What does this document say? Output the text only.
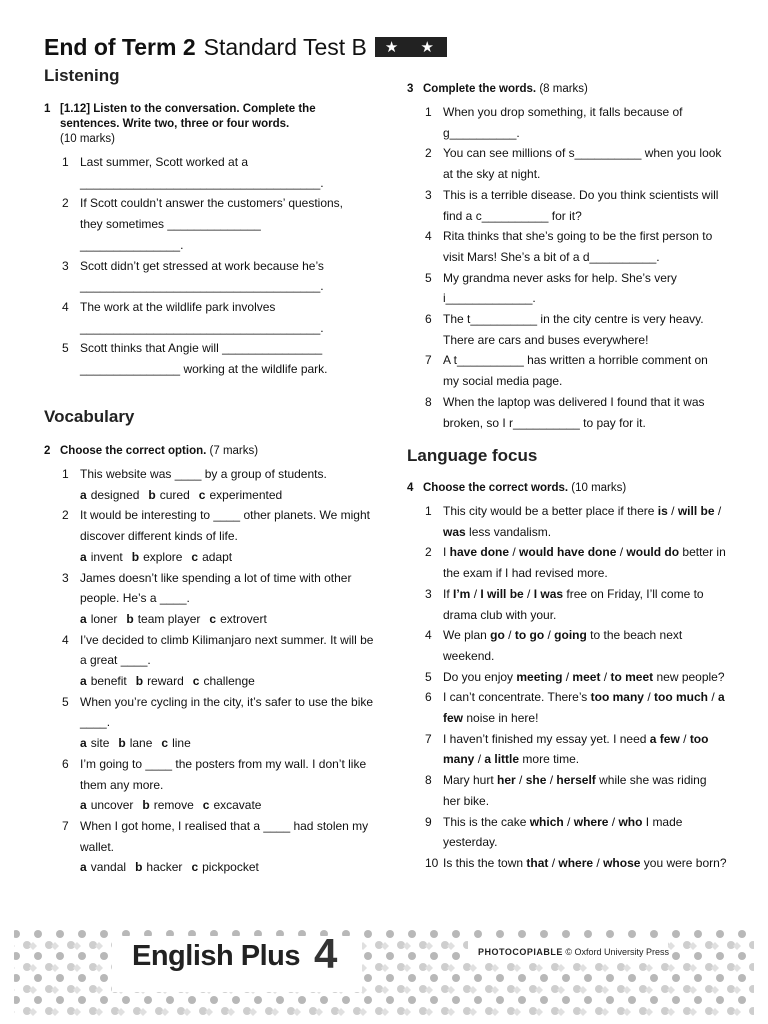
End of Term 2 Standard Test B ★ ★
Listening
Vocabulary
Language focus
1 [1.12] Listen to the conversation. Complete the sentences. Write two, three or four words.
(10 marks)
1 Last summer, Scott worked at a ____________________________________.
2 If Scott couldn’t answer the customers’ questions, they sometimes ______________ _______________.
3 Scott didn’t get stressed at work because he’s ____________________________________.
4 The work at the wildlife park involves ____________________________________.
5 Scott thinks that Angie will _______________ _______________ working at the wildlife park.
2 Choose the correct option. (7 marks)
1 This website was ____ by a group of students.
a designed b cured c experimented
2 It would be interesting to ____ other planets. We might discover different kinds of life.
a invent b explore c adapt
3 James doesn’t like spending a lot of time with other people. He’s a ____.
a loner b team player c extrovert
4 I’ve decided to climb Kilimanjaro next summer. It will be a great ____.
a benefit b reward c challenge
5 When you’re cycling in the city, it’s safer to use the bike ____.
a site b lane c line
6 I’m going to ____ the posters from my wall. I don’t like them any more.
a uncover b remove c excavate
7 When I got home, I realised that a ____ had stolen my wallet.
a vandal b hacker c pickpocket
3 Complete the words. (8 marks)
1 When you drop something, it falls because of g__________.
2 You can see millions of s__________ when you look at the sky at night.
3 This is a terrible disease. Do you think scientists will find a c__________ for it?
4 Rita thinks that she’s going to be the first person to visit Mars! She’s a bit of a d__________.
5 My grandma never asks for help. She’s very i_____________.
6 The t__________ in the city centre is very heavy. There are cars and buses everywhere!
7 A t__________ has written a horrible comment on my social media page.
8 When the laptop was delivered I found that it was broken, so I r__________ to pay for it.
4 Choose the correct words. (10 marks)
1 This city would be a better place if there is / will be / was less vandalism.
2 I have done / would have done / would do better in the exam if I had revised more.
3 If I’m / I will be / I was free on Friday, I’ll come to drama club with your.
4 We plan go / to go / going to the beach next weekend.
5 Do you enjoy meeting / meet / to meet new people?
6 I can’t concentrate. There’s too many / too much / a few noise in here!
7 I haven’t finished my essay yet. I need a few / too many / a little more time.
8 Mary hurt her / she / herself while she was riding her bike.
9 This is the cake which / where / who I made yesterday.
10 Is this the town that / where / whose you were born?
English Plus 4	PHOTOCOPIABLE © Oxford University Press
